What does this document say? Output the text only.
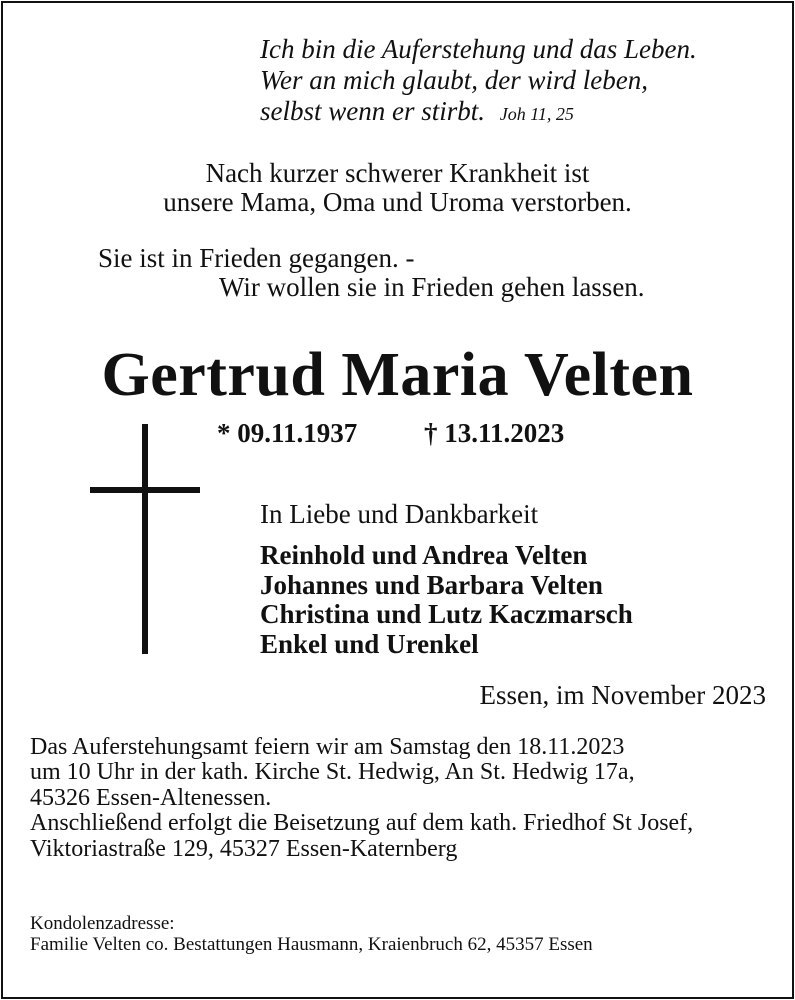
Ich bin die Auferstehung und das Leben.
Wer an mich glaubt, der wird leben,
selbst wenn er stirbt. Joh 11, 25
Nach kurzer schwerer Krankheit ist
unsere Mama, Oma und Uroma verstorben.
Sie ist in Frieden gegangen. -
Wir wollen sie in Frieden gehen lassen.
Gertrud Maria Velten
* 09.11.1937 † 13.11.2023
In Liebe und Dankbarkeit
Reinhold und Andrea Velten
Johannes und Barbara Velten
Christina und Lutz Kaczmarsch
Enkel und Urenkel
Essen, im November 2023
Das Auferstehungsamt feiern wir am Samstag den 18.11.2023
um 10 Uhr in der kath. Kirche St. Hedwig, An St. Hedwig 17a,
45326 Essen-Altenessen.
Anschließend erfolgt die Beisetzung auf dem kath. Friedhof St Josef,
Viktoriastraße 129, 45327 Essen-Katernberg
Kondolenzadresse:
Familie Velten co. Bestattungen Hausmann, Kraienbruch 62, 45357 Essen
